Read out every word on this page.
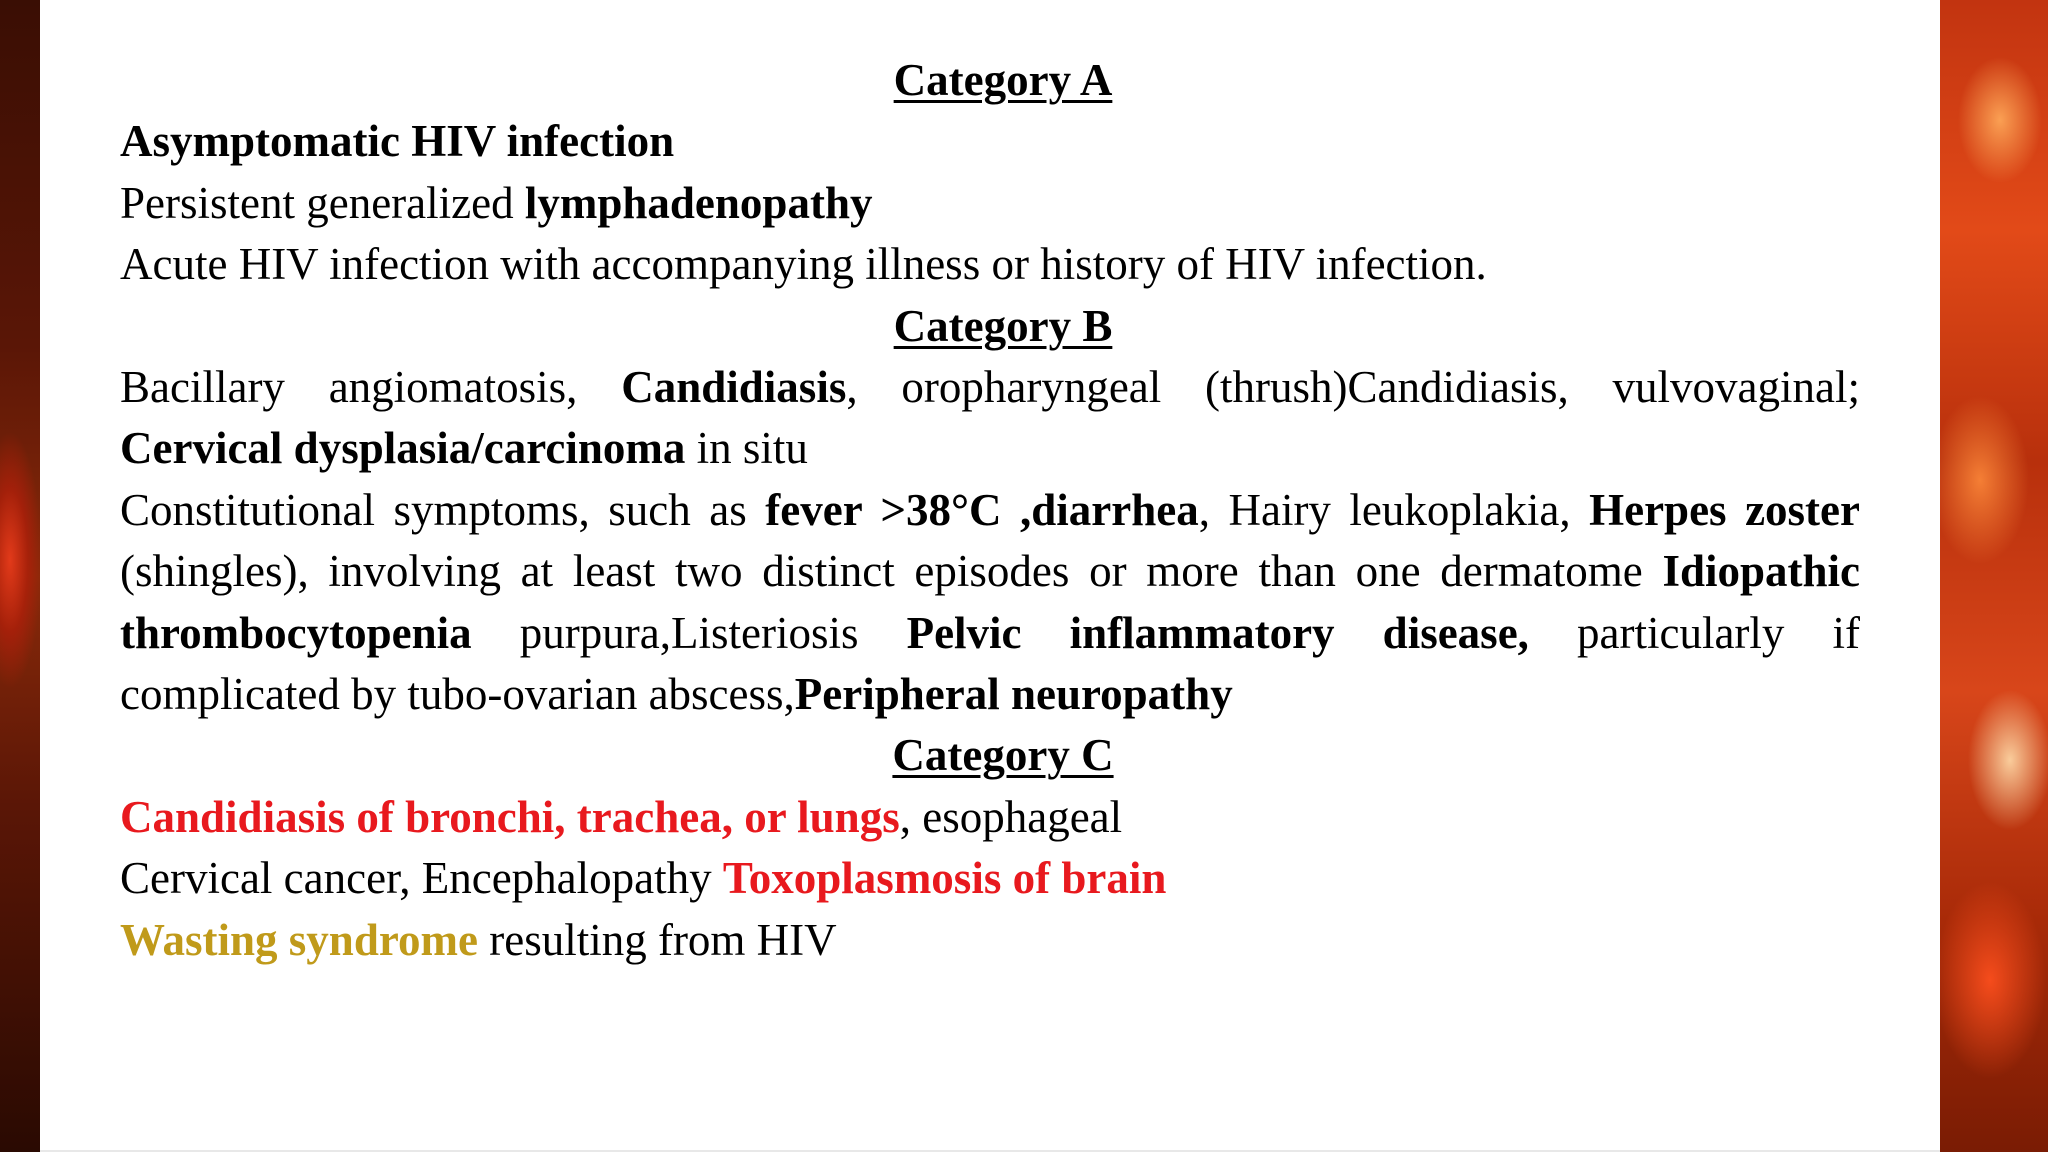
Category A
Asymptomatic HIV infection
Persistent generalized lymphadenopathy
Acute HIV infection with accompanying illness or history of HIV infection.
Category B
Bacillary angiomatosis, Candidiasis, oropharyngeal (thrush)Candidiasis, vulvovaginal; Cervical dysplasia/carcinoma in situ
Constitutional symptoms, such as fever >38°C ,diarrhea, Hairy leukoplakia, Herpes zoster (shingles), involving at least two distinct episodes or more than one dermatome Idiopathic thrombocytopenia purpura,Listeriosis Pelvic inflammatory disease, particularly if complicated by tubo-ovarian abscess,Peripheral neuropathy
Category C
Candidiasis of bronchi, trachea, or lungs, esophageal
Cervical cancer, Encephalopathy Toxoplasmosis of brain
Wasting syndrome resulting from HIV
